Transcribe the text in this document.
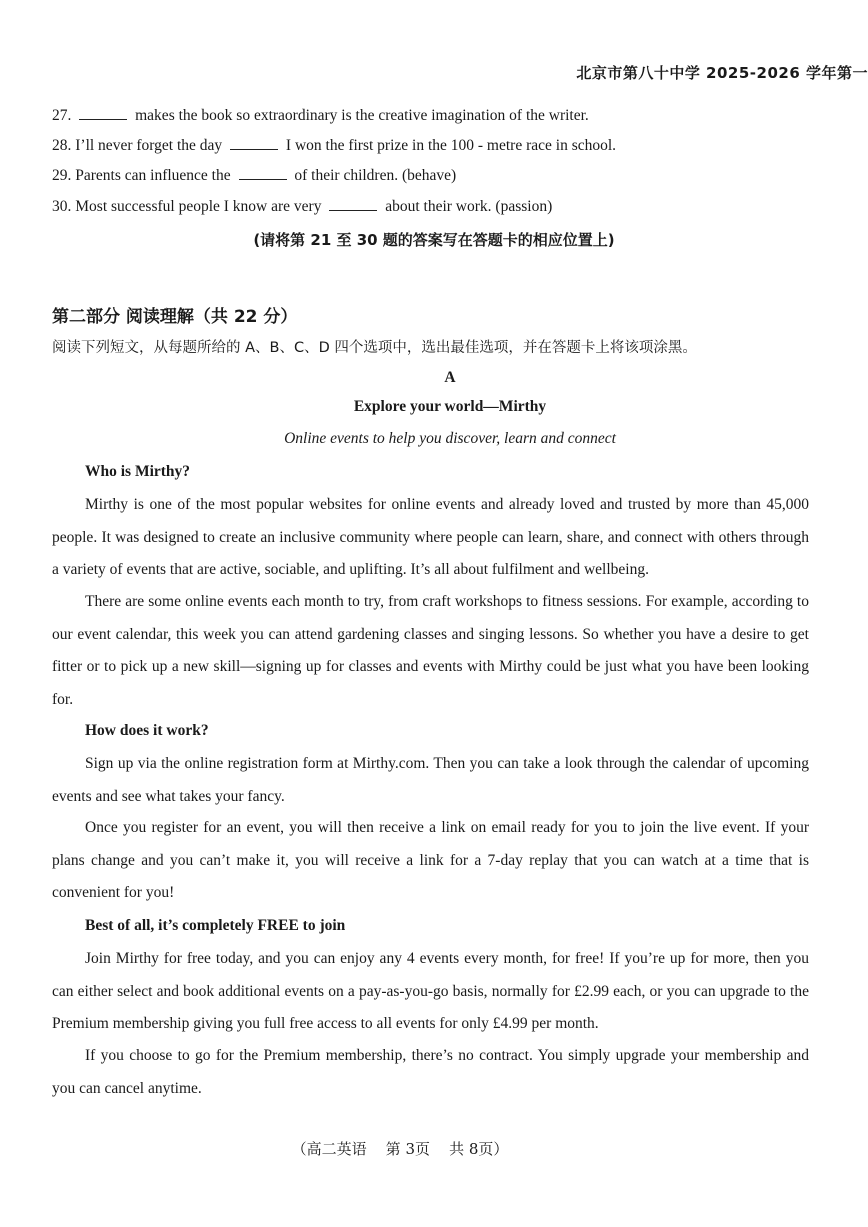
北京市第八十中学 2025-2026 学年第一
27.	makes the book so extraordinary is the creative imagination of the writer.
28. I’ll never forget the day	I won the first prize in the 100 - metre race in school.
29. Parents can influence the	of their children. (behave)
30. Most successful people I know are very	about their work. (passion)
(请将第 21 至 30 题的答案写在答题卡的相应位置上)
第二部分 阅读理解（共 22 分）
阅读下列短文，从每题所给的 A、B、C、D 四个选项中，选出最佳选项，并在答题卡上将该项涂黑。
A
Explore your world—Mirthy
Online events to help you discover, learn and connect
Who is Mirthy?

Mirthy is one of the most popular websites for online events and already loved and trusted by more than 45,000 people. It was designed to create an inclusive community where people can learn, share, and connect with others through a variety of events that are active, sociable, and uplifting. It’s all about fulfilment and wellbeing.

There are some online events each month to try, from craft workshops to fitness sessions. For example, according to our event calendar, this week you can attend gardening classes and singing lessons. So whether you have a desire to get fitter or to pick up a new skill—signing up for classes and events with Mirthy could be just what you have been looking for.

How does it work?

Sign up via the online registration form at Mirthy.com. Then you can take a look through the calendar of upcoming events and see what takes your fancy.

Once you register for an event, you will then receive a link on email ready for you to join the live event. If your plans change and you can’t make it, you will receive a link for a 7-day replay that you can watch at a time that is convenient for you!

Best of all, it’s completely FREE to join

Join Mirthy for free today, and you can enjoy any 4 events every month, for free! If you’re up for more, then you can either select and book additional events on a pay-as-you-go basis, normally for £2.99 each, or you can upgrade to the Premium membership giving you full free access to all events for only £4.99 per month.

If you choose to go for the Premium membership, there’s no contract. You simply upgrade your membership and you can cancel anytime.

（高二英语    第 3页    共 8页）
